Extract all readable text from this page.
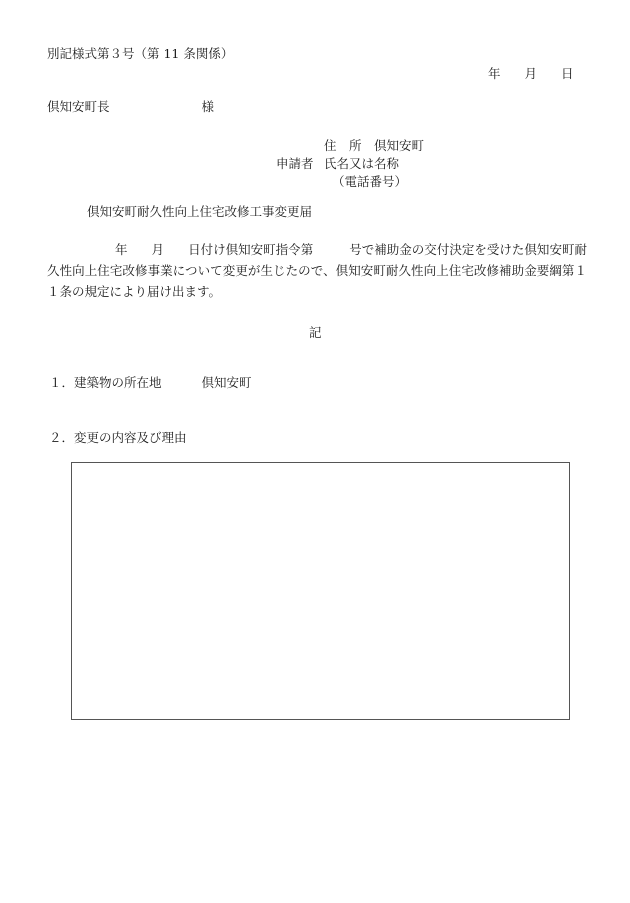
別記様式第３号（第 11 条関係）
年 月 日
倶知安町長	様
住　所 倶知安町
申請者 氏名又は名称
（電話番号）
倶知安町耐久性向上住宅改修工事変更届
年 月 日付け倶知安町指令第	号で補助金の交付決定を受けた倶知安町耐久性向上住宅改修事業について変更が生じたので、倶知安町耐久性向上住宅改修補助金要綱第１１条の規定により届け出ます。
記
１．建築物の所在地	倶知安町
２．変更の内容及び理由
